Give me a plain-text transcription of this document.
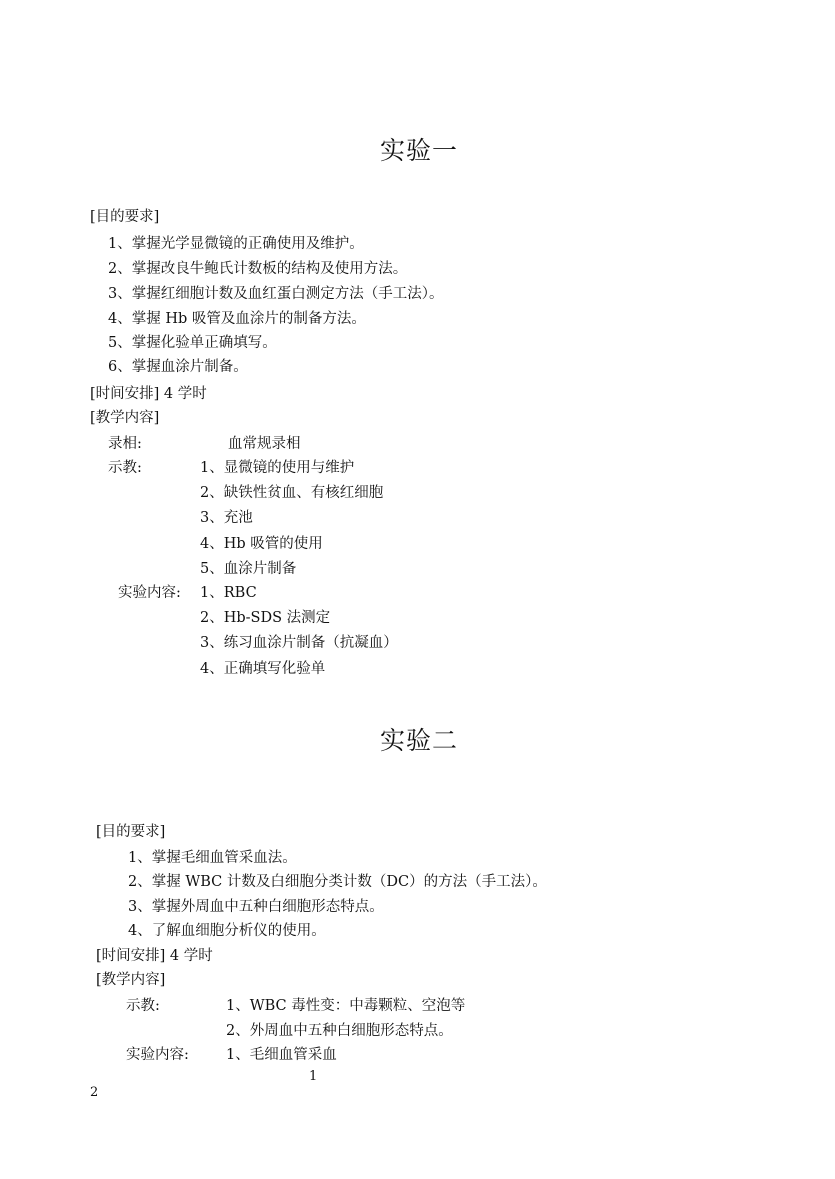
实验一
[目的要求]
1、掌握光学显微镜的正确使用及维护。
2、掌握改良牛鲍氏计数板的结构及使用方法。
3、掌握红细胞计数及血红蛋白测定方法（手工法）。
4、掌握 Hb 吸管及血涂片的制备方法。
5、掌握化验单正确填写。
6、掌握血涂片制备。
[时间安排] 4 学时
[教学内容]
录相:	血常规录相
示教:	1、显微镜的使用与维护
2、缺铁性贫血、有核红细胞
3、充池
4、Hb 吸管的使用
5、血涂片制备
实验内容: 1、RBC
2、Hb-SDS 法测定
3、练习血涂片制备（抗凝血）
4、正确填写化验单
实验二
[目的要求]
1、掌握毛细血管采血法。
2、掌握 WBC 计数及白细胞分类计数（DC）的方法（手工法）。
3、掌握外周血中五种白细胞形态特点。
4、了解血细胞分析仪的使用。
[时间安排] 4 学时
[教学内容]
示教:	1、WBC 毒性变：中毒颗粒、空泡等
2、外周血中五种白细胞形态特点。
实验内容:	1、毛细血管采血
1
2
